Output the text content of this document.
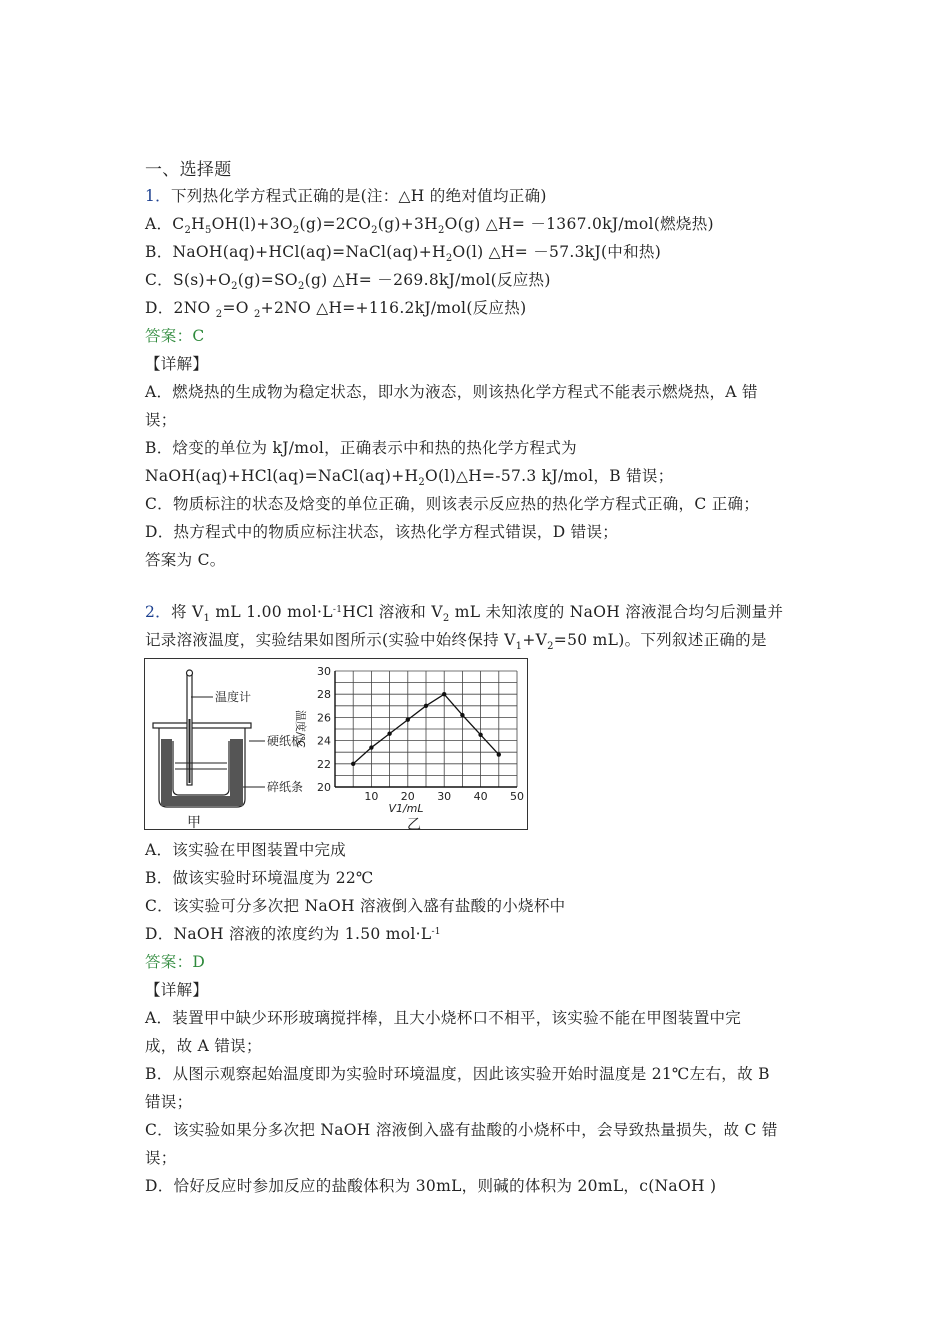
一、选择题
1．下列热化学方程式正确的是(注：△H 的绝对值均正确)
A．$C_2H_5OH(l)+3O_2(g)=2CO_2(g)+3H_2O(g)$ △H= －1367.0kJ/mol(燃烧热)
B．$NaOH(aq)+HCl(aq)=NaCl(aq)+H_2O(l)$ △H= －57.3kJ(中和热)
C．$S(s)+O_2(g)=SO_2(g)$ △H= －269.8kJ/mol(反应热)
D．2NO $_2$=O $_2$+2NO △H=+116.2kJ/mol(反应热)
答案：C
【详解】
A．燃烧热的生成物为稳定状态，即水为液态，则该热化学方程式不能表示燃烧热，A 错
误；
B．焓变的单位为 kJ/mol，正确表示中和热的热化学方程式为
$NaOH(aq)+HCl(aq)=NaCl(aq)+H_2O(l)\triangle H=-57.3$ kJ/mol，B 错误；
C．物质标注的状态及焓变的单位正确，则该表示反应热的热化学方程式正确，C 正确；
D．热方程式中的物质应标注状态，该热化学方程式错误，D 错误；
答案为 C。
2．将 $V_1$ mL 1.00 $mol\cdot L^{-1}HCl$ 溶液和 $V_2$ mL 未知浓度的 NaOH 溶液混合均匀后测量并
记录溶液温度，实验结果如图所示(实验中始终保持 $V_1+V_2=50$ mL)。下列叙述正确的是
温度计
硬纸板
碎纸条
甲
10 20 30 40 50
20
22
24
26
28
30
V1/mL
温度/℃
乙
A．该实验在甲图装置中完成
B．做该实验时环境温度为 22℃
C．该实验可分多次把 NaOH 溶液倒入盛有盐酸的小烧杯中
D．NaOH 溶液的浓度约为 1.50 $mol\cdot L^{-1}$
答案：D
【详解】
A．装置甲中缺少环形玻璃搅拌棒，且大小烧杯口不相平，该实验不能在甲图装置中完
成，故 A 错误；
B．从图示观察起始温度即为实验时环境温度，因此该实验开始时温度是 21℃左右，故 B
错误；
C．该实验如果分多次把 NaOH 溶液倒入盛有盐酸的小烧杯中，会导致热量损失，故 C 错
误；
D．恰好反应时参加反应的盐酸体积为 30mL，则碱的体积为 20mL，c(NaOH )
